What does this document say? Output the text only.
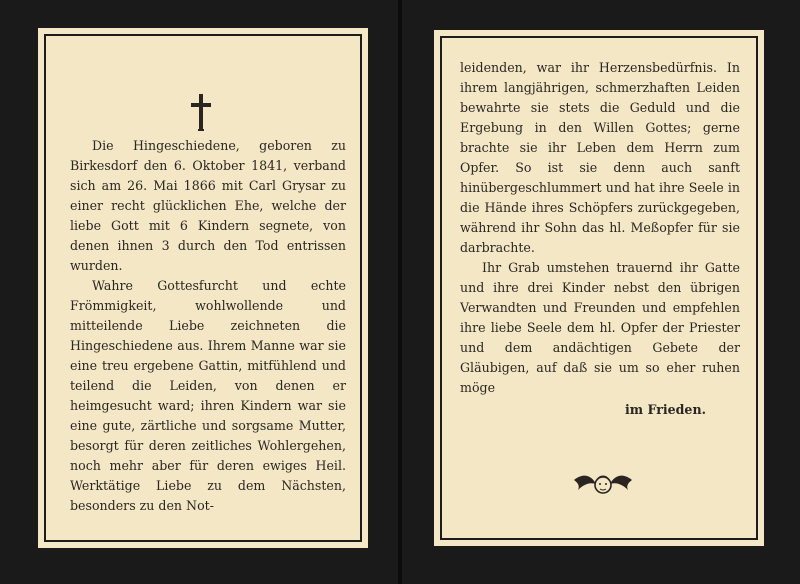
Die Hingeschiedene, geboren zu Birkesdorf den 6. Oktober 1841, verband sich am 26. Mai 1866 mit Carl Grysar zu einer recht glücklichen Ehe, welche der liebe Gott mit 6 Kindern segnete, von denen ihnen 3 durch den Tod entrissen wurden.

Wahre Gottesfurcht und echte Frömmigkeit, wohlwollende und mitteilende Liebe zeichneten die Hingeschiedene aus. Ihrem Manne war sie eine treu ergebene Gattin, mitfühlend und teilend die Leiden, von denen er heimgesucht ward; ihren Kindern war sie eine gute, zärtliche und sorgsame Mutter, besorgt für deren zeitliches Wohlergehen, noch mehr aber für deren ewiges Heil. Werktätige Liebe zu dem Nächsten, besonders zu den Not-

leidenden, war ihr Herzensbedürfnis. In ihrem langjährigen, schmerzhaften Leiden bewahrte sie stets die Geduld und die Ergebung in den Willen Gottes; gerne brachte sie ihr Leben dem Herrn zum Opfer. So ist sie denn auch sanft hinübergeschlummert und hat ihre Seele in die Hände ihres Schöpfers zurückgegeben, während ihr Sohn das hl. Meßopfer für sie darbrachte.

Ihr Grab umstehen trauernd ihr Gatte und ihre drei Kinder nebst den übrigen Verwandten und Freunden und empfehlen ihre liebe Seele dem hl. Opfer der Priester und dem andächtigen Gebete der Gläubigen, auf daß sie um so eher ruhen möge

im Frieden.
